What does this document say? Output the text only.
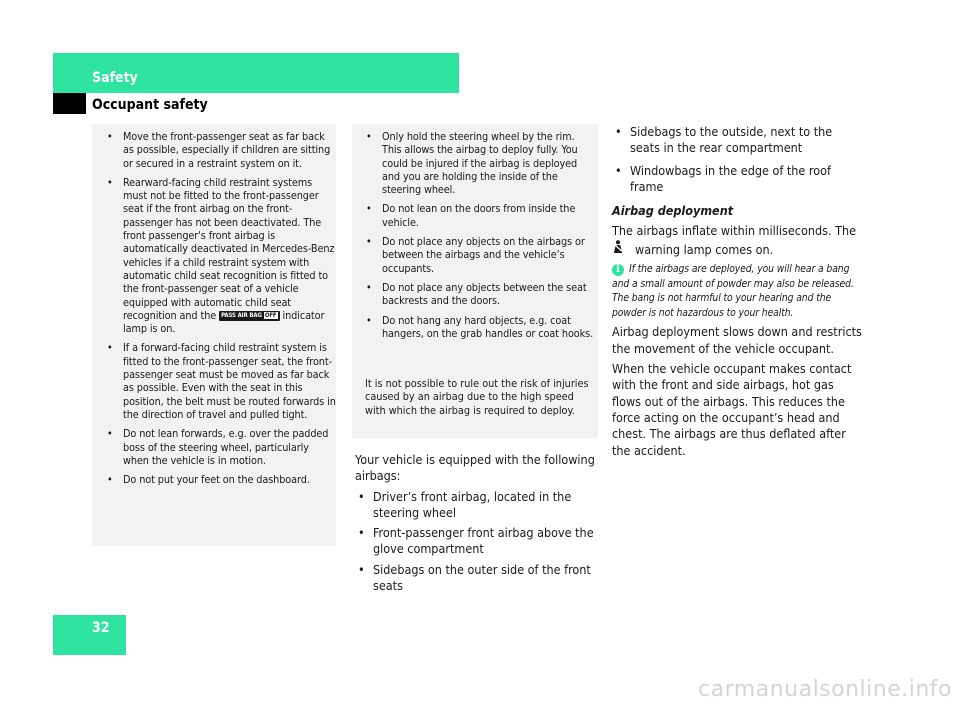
Safety
Occupant safety
• Move the front-passenger seat as far back as possible, especially if children are sitting or secured in a restraint system on it.
• Rearward-facing child restraint systems must not be fitted to the front-passenger seat if the front airbag on the front-passenger has not been deactivated. The front passenger's front airbag is automatically deactivated in Mercedes-Benz vehicles if a child restraint system with automatic child seat recognition is fitted to the front-passenger seat of a vehicle equipped with automatic child seat recognition and the PASS AIR BAG OFF indicator lamp is on.
• If a forward-facing child restraint system is fitted to the front-passenger seat, the front-passenger seat must be moved as far back as possible. Even with the seat in this position, the belt must be routed forwards in the direction of travel and pulled tight.
• Do not lean forwards, e.g. over the padded boss of the steering wheel, particularly when the vehicle is in motion.
• Do not put your feet on the dashboard.
• Only hold the steering wheel by the rim. This allows the airbag to deploy fully. You could be injured if the airbag is deployed and you are holding the inside of the steering wheel.
• Do not lean on the doors from inside the vehicle.
• Do not place any objects on the airbags or between the airbags and the vehicle’s occupants.
• Do not place any objects between the seat backrests and the doors.
• Do not hang any hard objects, e.g. coat hangers, on the grab handles or coat hooks.
It is not possible to rule out the risk of injuries caused by an airbag due to the high speed with which the airbag is required to deploy.

Your vehicle is equipped with the following airbags:

• Driver’s front airbag, located in the steering wheel
• Front-passenger front airbag above the glove compartment
• Sidebags on the outer side of the front seats
• Sidebags to the outside, next to the seats in the rear compartment
• Windowbags in the edge of the roof frame
Airbag deployment

The airbags inflate within milliseconds. The
warning lamp comes on.

i If the airbags are deployed, you will hear a bang and a small amount of powder may also be released. The bang is not harmful to your hearing and the powder is not hazardous to your health.

Airbag deployment slows down and restricts the movement of the vehicle occupant.

When the vehicle occupant makes contact with the front and side airbags, hot gas flows out of the airbags. This reduces the force acting on the occupant’s head and chest. The airbags are thus deflated after the accident.

32
carmanualsonline.info
